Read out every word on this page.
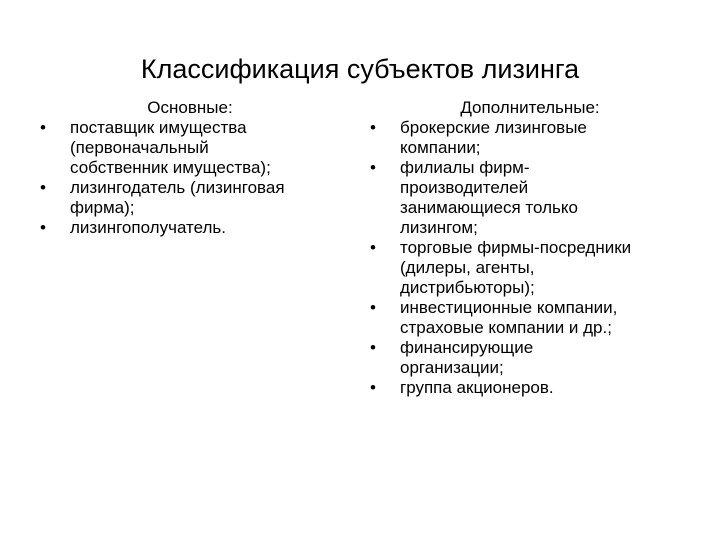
Классификация субъектов лизинга

Основные:

•	поставщик имущества
(первоначальный
собственник имущества);
•	лизингодатель (лизинговая
фирма);
•	лизингополучатель.

Дополнительные:

•	брокерские лизинговые
компании;
•	филиалы фирм-
производителей
занимающиеся только
лизингом;
•	торговые фирмы-посредники
(дилеры, агенты,
дистрибьюторы);
•	инвестиционные компании,
страховые компании и др.;
•	финансирующие
организации;
•	группа акционеров.
